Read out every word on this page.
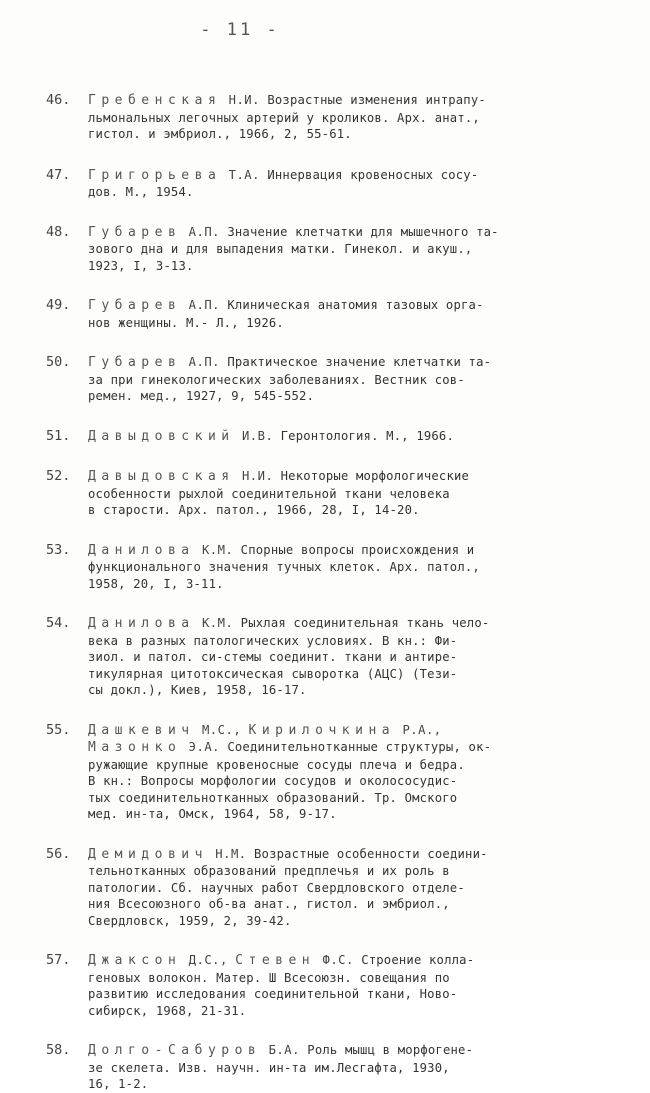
- 11 -
46.	Гребенская Н.И. Возрастные изменения интрапу-
льмональных легочных артерий у кроликов. Арх. анат.,
гистол. и эмбриол., 1966, 2, 55-61.
47.	Григорьева Т.А. Иннервация кровеносных сосу-
дов. М., 1954.
48.	Губарев А.П. Значение клетчатки для мышечного та-
зового дна и для выпадения матки. Гинекол. и акуш.,
1923, I, 3-13.
49.	Губарев А.П. Клиническая анатомия тазовых орга-
нов женщины. М.- Л., 1926.
50.	Губарев А.П. Практическое значение клетчатки та-
за при гинекологических заболеваниях. Вестник сов-
ремен. мед., 1927, 9, 545-552.
51.	Давыдовский И.В. Геронтология. М., 1966.
52.	Давыдовская Н.И. Некоторые морфологические
особенности рыхлой соединительной ткани человека
в старости. Арх. патол., 1966, 28, I, 14-20.
53.	Данилова К.М. Спорные вопросы происхождения и
функционального значения тучных клеток. Арх. патол.,
1958, 20, I, 3-11.
54.	Данилова К.М. Рыхлая соединительная ткань чело-
века в разных патологических условиях. В кн.: Фи-
зиол. и патол. си-стемы соединит. ткани и антире-
тикулярная цитотоксическая сыворотка (АЦС) (Тези-
сы докл.), Киев, 1958, 16-17.
55.	Дашкевич М.С., Кирилочкина Р.А.,
Мазонко Э.А. Соединительнотканные структуры, ок-
ружающие крупные кровеносные сосуды плеча и бедра.
В кн.: Вопросы морфологии сосудов и околососудис-
тых соединительнотканных образований. Тр. Омского
мед. ин-та, Омск, 1964, 58, 9-17.
56.	Демидович Н.М. Возрастные особенности соедини-
тельнотканных образований предплечья и их роль в
патологии. Сб. научных работ Свердловского отделе-
ния Всесоюзного об-ва анат., гистол. и эмбриол.,
Свердловск, 1959, 2, 39-42.
57.	Джаксон Д.С., Стевен Ф.С. Строение колла-
геновых волокон. Матер. Ш Всесоюзн. совещания по
развитию исследования соединительной ткани, Ново-
сибирск, 1968, 21-31.
58.	Долго-Сабуров Б.А. Роль мышц в морфогене-
зе скелета. Изв. научн. ин-та им.Лесгафта, 1930,
16, 1-2.
